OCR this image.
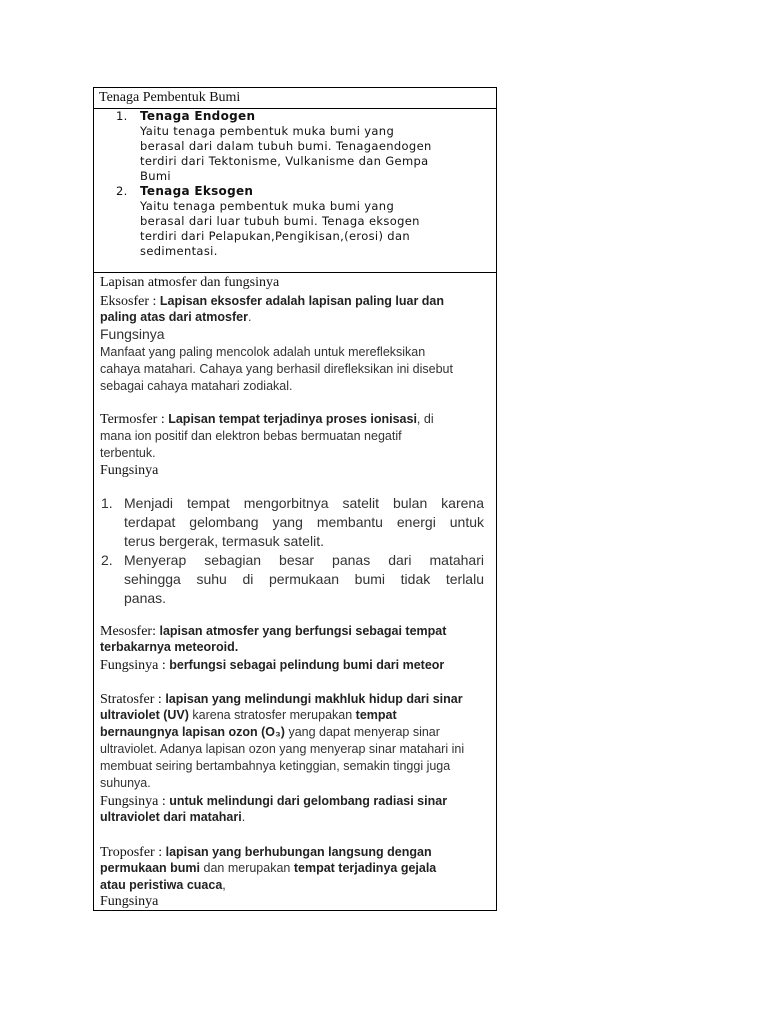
Tenaga Pembentuk Bumi
1. Tenaga Endogen
Yaitu tenaga pembentuk muka bumi yang
berasal dari dalam tubuh bumi. Tenagaendogen
terdiri dari Tektonisme, Vulkanisme dan Gempa
Bumi
2. Tenaga Eksogen
Yaitu tenaga pembentuk muka bumi yang
berasal dari luar tubuh bumi. Tenaga eksogen
terdiri dari Pelapukan,Pengikisan,(erosi) dan
sedimentasi.
Lapisan atmosfer dan fungsinya
Eksosfer : Lapisan eksosfer adalah lapisan paling luar dan
paling atas dari atmosfer.
Fungsinya
Manfaat yang paling mencolok adalah untuk merefleksikan
cahaya matahari. Cahaya yang berhasil direfleksikan ini disebut
sebagai cahaya matahari zodiakal.
Termosfer : Lapisan tempat terjadinya proses ionisasi, di
mana ion positif dan elektron bebas bermuatan negatif
terbentuk.
Fungsinya
1. Menjadi tempat mengorbitnya satelit bulan karena
terdapat gelombang yang membantu energi untuk
terus bergerak, termasuk satelit.
2. Menyerap sebagian besar panas dari matahari
sehingga suhu di permukaan bumi tidak terlalu
panas.
Mesosfer: lapisan atmosfer yang berfungsi sebagai tempat
terbakarnya meteoroid.
Fungsinya : berfungsi sebagai pelindung bumi dari meteor
Stratosfer : lapisan yang melindungi makhluk hidup dari sinar
ultraviolet (UV) karena stratosfer merupakan tempat
bernaungnya lapisan ozon (O₃) yang dapat menyerap sinar
ultraviolet. Adanya lapisan ozon yang menyerap sinar matahari ini
membuat seiring bertambahnya ketinggian, semakin tinggi juga
suhunya.
Fungsinya : untuk melindungi dari gelombang radiasi sinar
ultraviolet dari matahari.
Troposfer : lapisan yang berhubungan langsung dengan
permukaan bumi dan merupakan tempat terjadinya gejala
atau peristiwa cuaca,
Fungsinya
